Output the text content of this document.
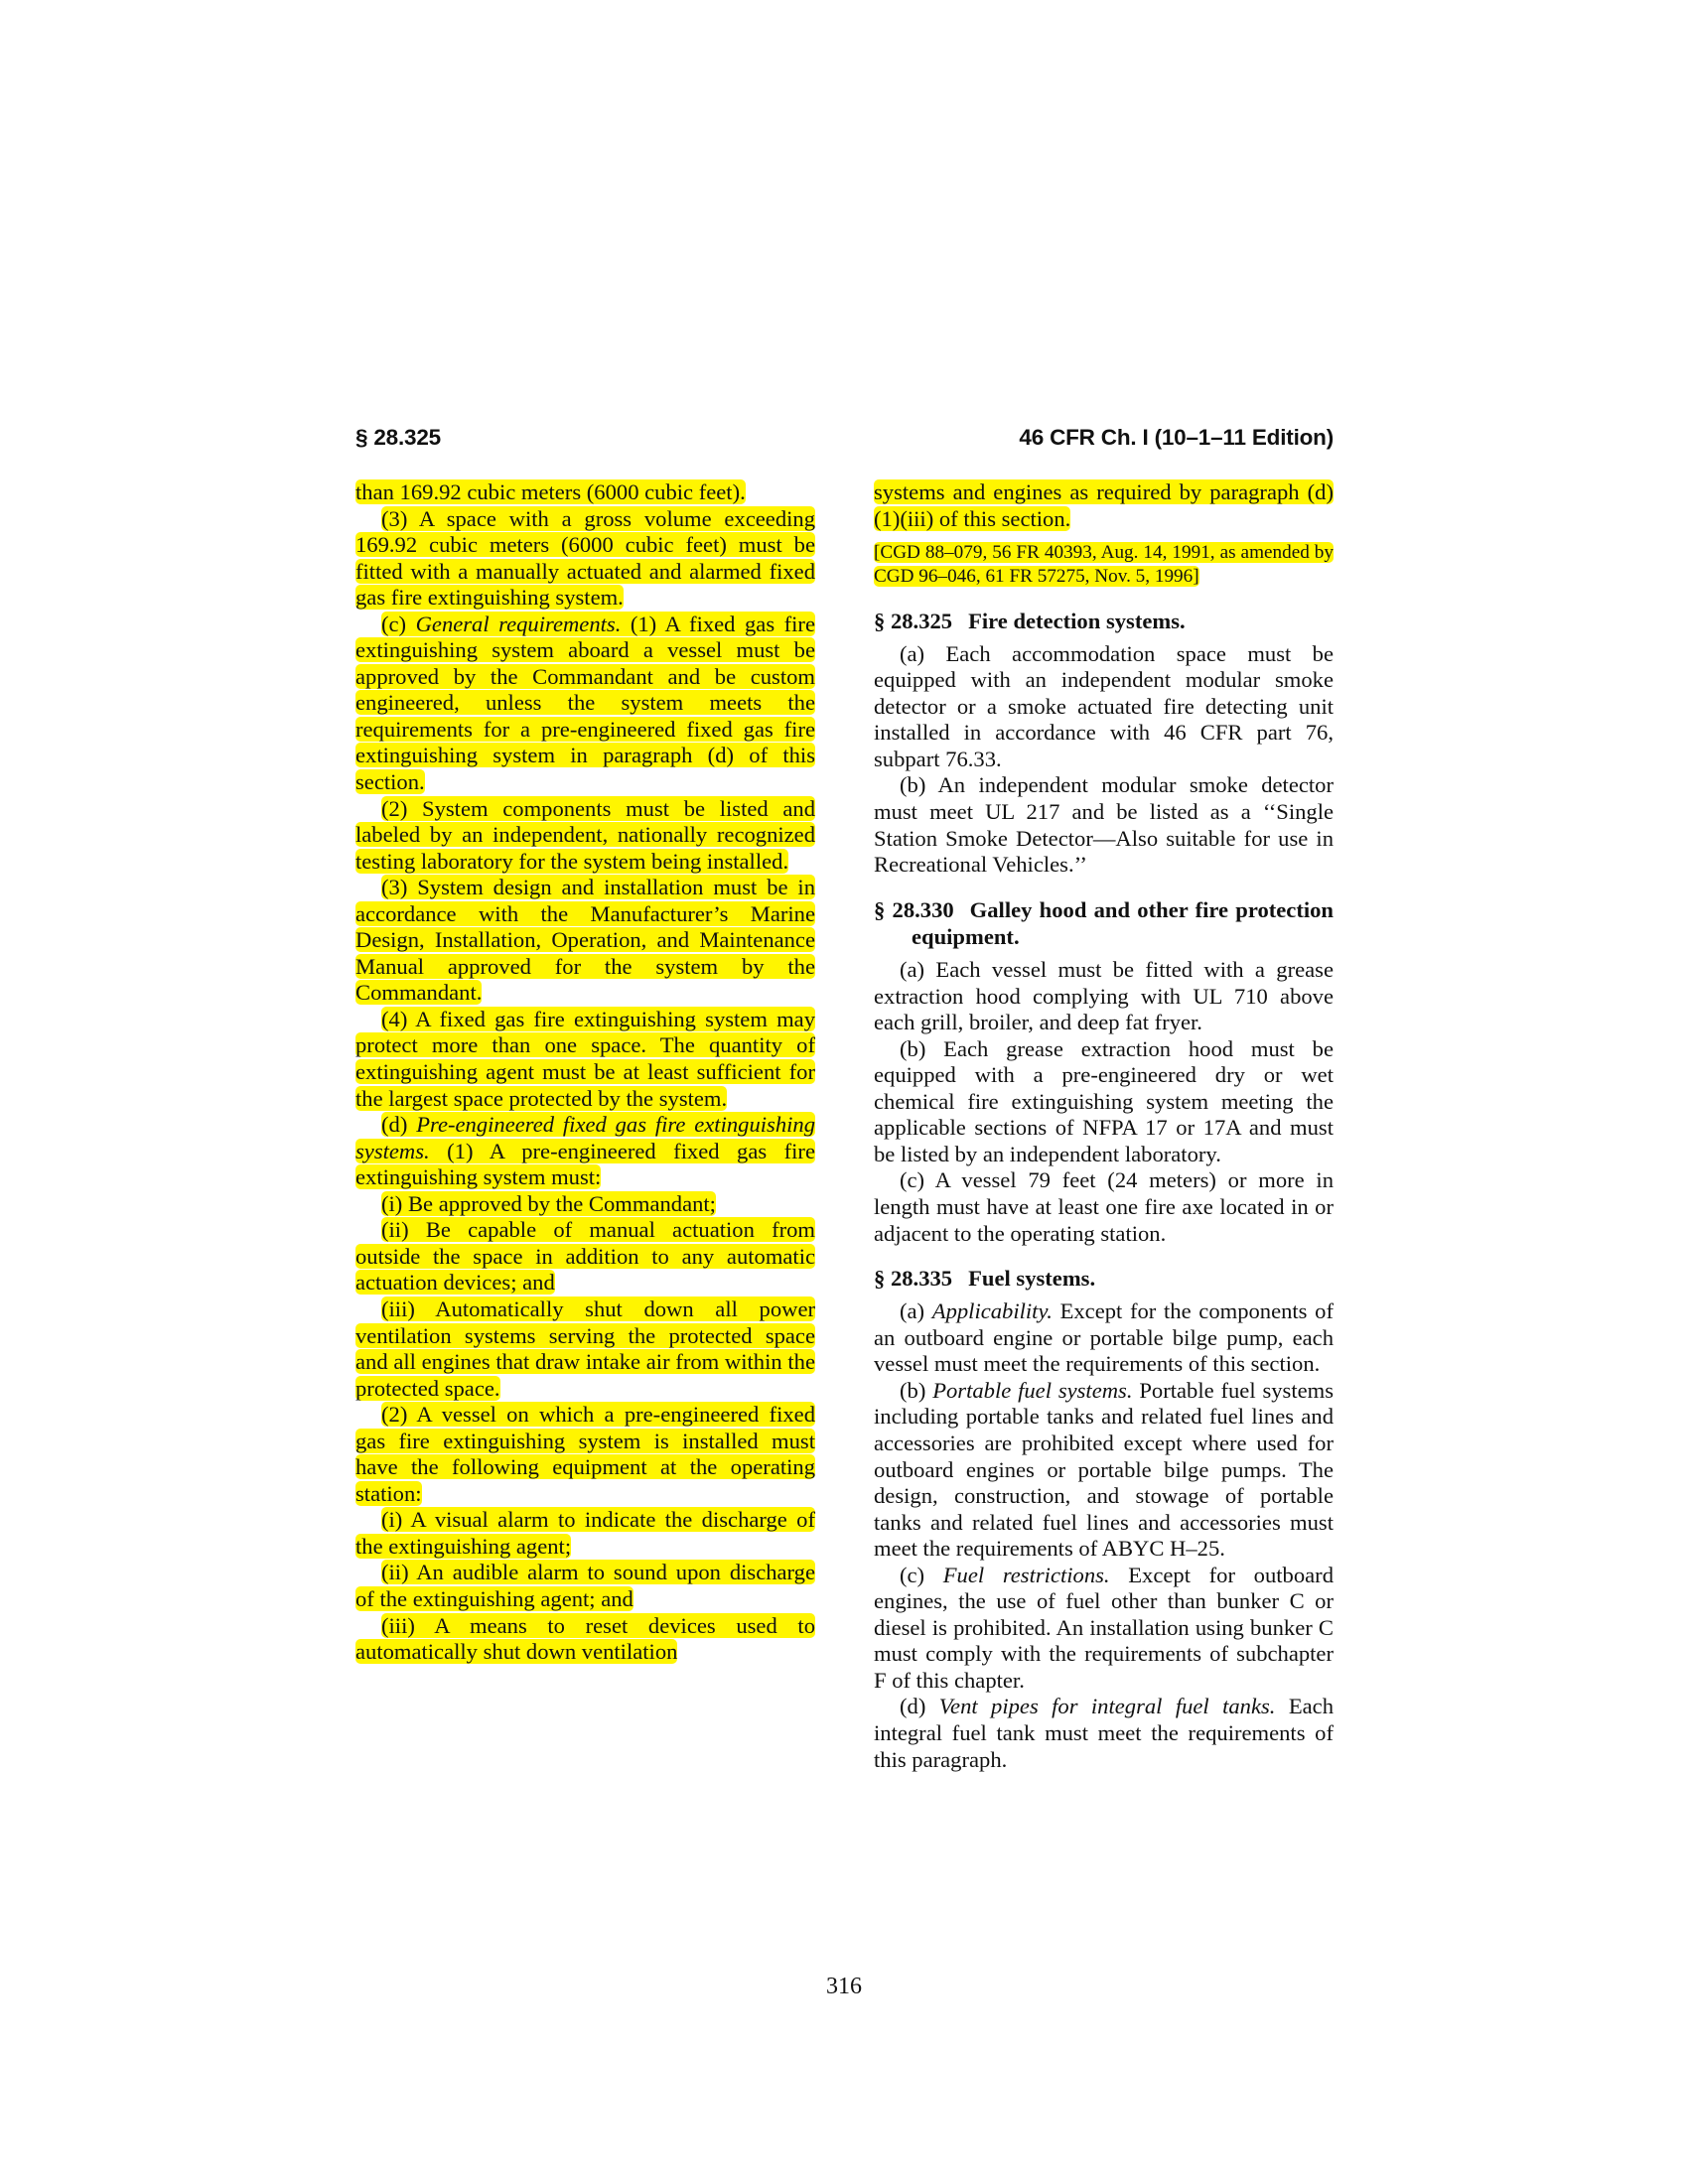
§ 28.325	46 CFR Ch. I (10–1–11 Edition)
than 169.92 cubic meters (6000 cubic feet).
(3) A space with a gross volume exceeding 169.92 cubic meters (6000 cubic feet) must be fitted with a manually actuated and alarmed fixed gas fire extinguishing system.
(c) General requirements. (1) A fixed gas fire extinguishing system aboard a vessel must be approved by the Commandant and be custom engineered, unless the system meets the requirements for a pre-engineered fixed gas fire extinguishing system in paragraph (d) of this section.
(2) System components must be listed and labeled by an independent, nationally recognized testing laboratory for the system being installed.
(3) System design and installation must be in accordance with the Manufacturer’s Marine Design, Installation, Operation, and Maintenance Manual approved for the system by the Commandant.
(4) A fixed gas fire extinguishing system may protect more than one space. The quantity of extinguishing agent must be at least sufficient for the largest space protected by the system.
(d) Pre-engineered fixed gas fire extinguishing systems. (1) A pre-engineered fixed gas fire extinguishing system must:
(i) Be approved by the Commandant;
(ii) Be capable of manual actuation from outside the space in addition to any automatic actuation devices; and
(iii) Automatically shut down all power ventilation systems serving the protected space and all engines that draw intake air from within the protected space.
(2) A vessel on which a pre-engineered fixed gas fire extinguishing system is installed must have the following equipment at the operating station:
(i) A visual alarm to indicate the discharge of the extinguishing agent;
(ii) An audible alarm to sound upon discharge of the extinguishing agent; and
(iii) A means to reset devices used to automatically shut down ventilation
systems and engines as required by paragraph (d)(1)(iii) of this section.
[CGD 88–079, 56 FR 40393, Aug. 14, 1991, as amended by CGD 96–046, 61 FR 57275, Nov. 5, 1996]
§ 28.325 Fire detection systems.
(a) Each accommodation space must be equipped with an independent modular smoke detector or a smoke actuated fire detecting unit installed in accordance with 46 CFR part 76, subpart 76.33.
(b) An independent modular smoke detector must meet UL 217 and be listed as a ‘‘Single Station Smoke Detector—Also suitable for use in Recreational Vehicles.’’
§ 28.330 Galley hood and other fire protection equipment.
(a) Each vessel must be fitted with a grease extraction hood complying with UL 710 above each grill, broiler, and deep fat fryer.
(b) Each grease extraction hood must be equipped with a pre-engineered dry or wet chemical fire extinguishing system meeting the applicable sections of NFPA 17 or 17A and must be listed by an independent laboratory.
(c) A vessel 79 feet (24 meters) or more in length must have at least one fire axe located in or adjacent to the operating station.
§ 28.335 Fuel systems.
(a) Applicability. Except for the components of an outboard engine or portable bilge pump, each vessel must meet the requirements of this section.
(b) Portable fuel systems. Portable fuel systems including portable tanks and related fuel lines and accessories are prohibited except where used for outboard engines or portable bilge pumps. The design, construction, and stowage of portable tanks and related fuel lines and accessories must meet the requirements of ABYC H–25.
(c) Fuel restrictions. Except for outboard engines, the use of fuel other than bunker C or diesel is prohibited. An installation using bunker C must comply with the requirements of subchapter F of this chapter.
(d) Vent pipes for integral fuel tanks. Each integral fuel tank must meet the requirements of this paragraph.
316
